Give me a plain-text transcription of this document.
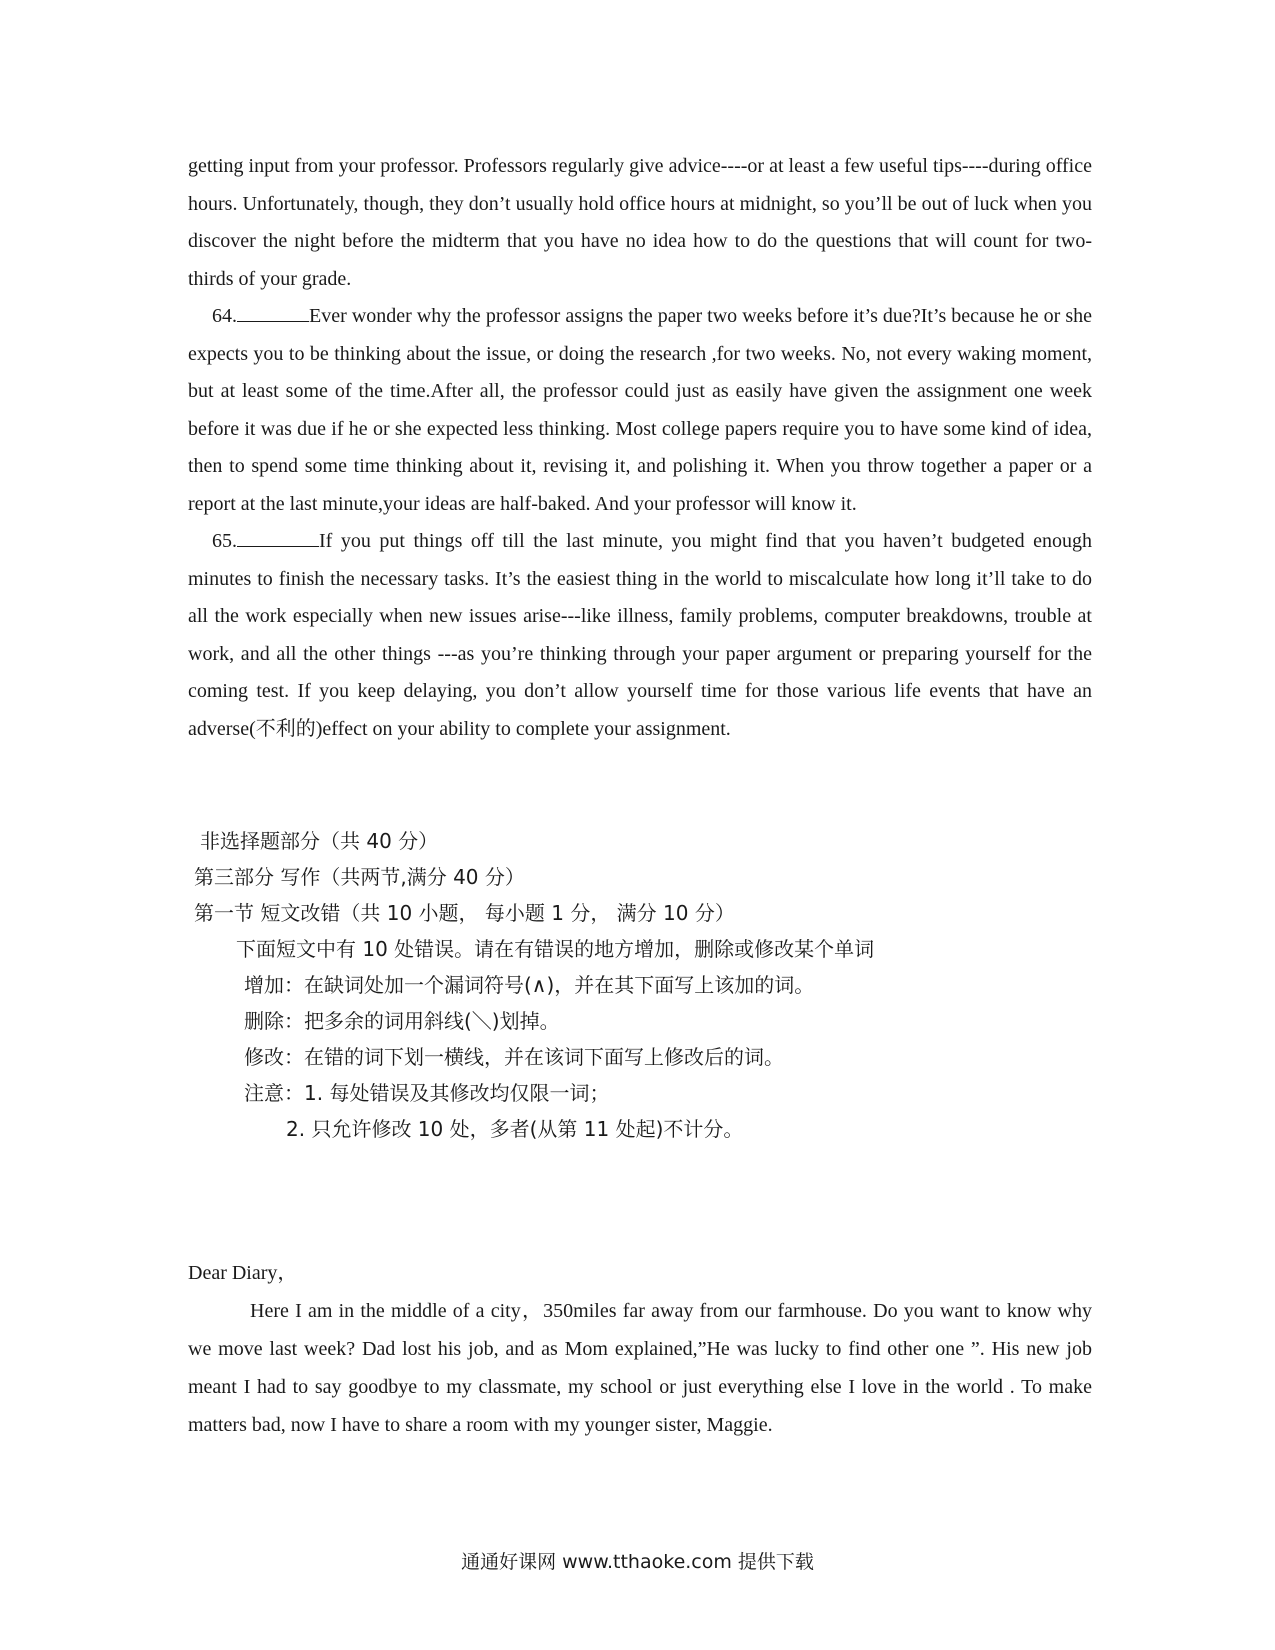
getting input from your professor. Professors regularly give advice----or at least a few useful tips----during office hours. Unfortunately, though, they don’t usually hold office hours at midnight, so you’ll be out of luck when you discover the night before the midterm that you have no idea how to do the questions that will count for two-thirds of your grade.

64.	Ever wonder why the professor assigns the paper two weeks before it’s due?It’s because he or she expects you to be thinking about the issue, or doing the research ,for two weeks. No, not every waking moment, but at least some of the time.After all, the professor could just as easily have given the assignment one week before it was due if he or she expected less thinking. Most college papers require you to have some kind of idea, then to spend some time thinking about it, revising it, and polishing it. When you throw together a paper or a report at the last minute,your ideas are half-baked. And your professor will know it.

65.	If you put things off till the last minute, you might find that you haven’t budgeted enough minutes to finish the necessary tasks. It’s the easiest thing in the world to miscalculate how long it’ll take to do all the work especially when new issues arise---like illness, family problems, computer breakdowns, trouble at work, and all the other things ---as you’re thinking through your paper argument or preparing yourself for the coming test. If you keep delaying, you don’t allow yourself time for those various life events that have an adverse(不利的)effect on your ability to complete your assignment.

非选择题部分（共 40 分）
第三部分 写作（共两节,满分 40 分）
第一节 短文改错（共 10 小题， 每小题 1 分， 满分 10 分）
下面短文中有 10 处错误。请在有错误的地方增加，删除或修改某个单词
增加：在缺词处加一个漏词符号(∧)，并在其下面写上该加的词。
删除：把多余的词用斜线(＼)划掉。
修改：在错的词下划一横线，并在该词下面写上修改后的词。
注意：1. 每处错误及其修改均仅限一词；
2. 只允许修改 10 处，多者(从第 11 处起)不计分。

Dear Diary，

Here I am in the middle of a city，350miles far away from our farmhouse. Do you want to know why we move last week? Dad lost his job, and as Mom explained,”He was lucky to find other one ”. His new job meant I had to say goodbye to my classmate, my school or just everything else I love in the world . To make matters bad, now I have to share a room with my younger sister, Maggie.

通通好课网 www.tthaoke.com 提供下载
